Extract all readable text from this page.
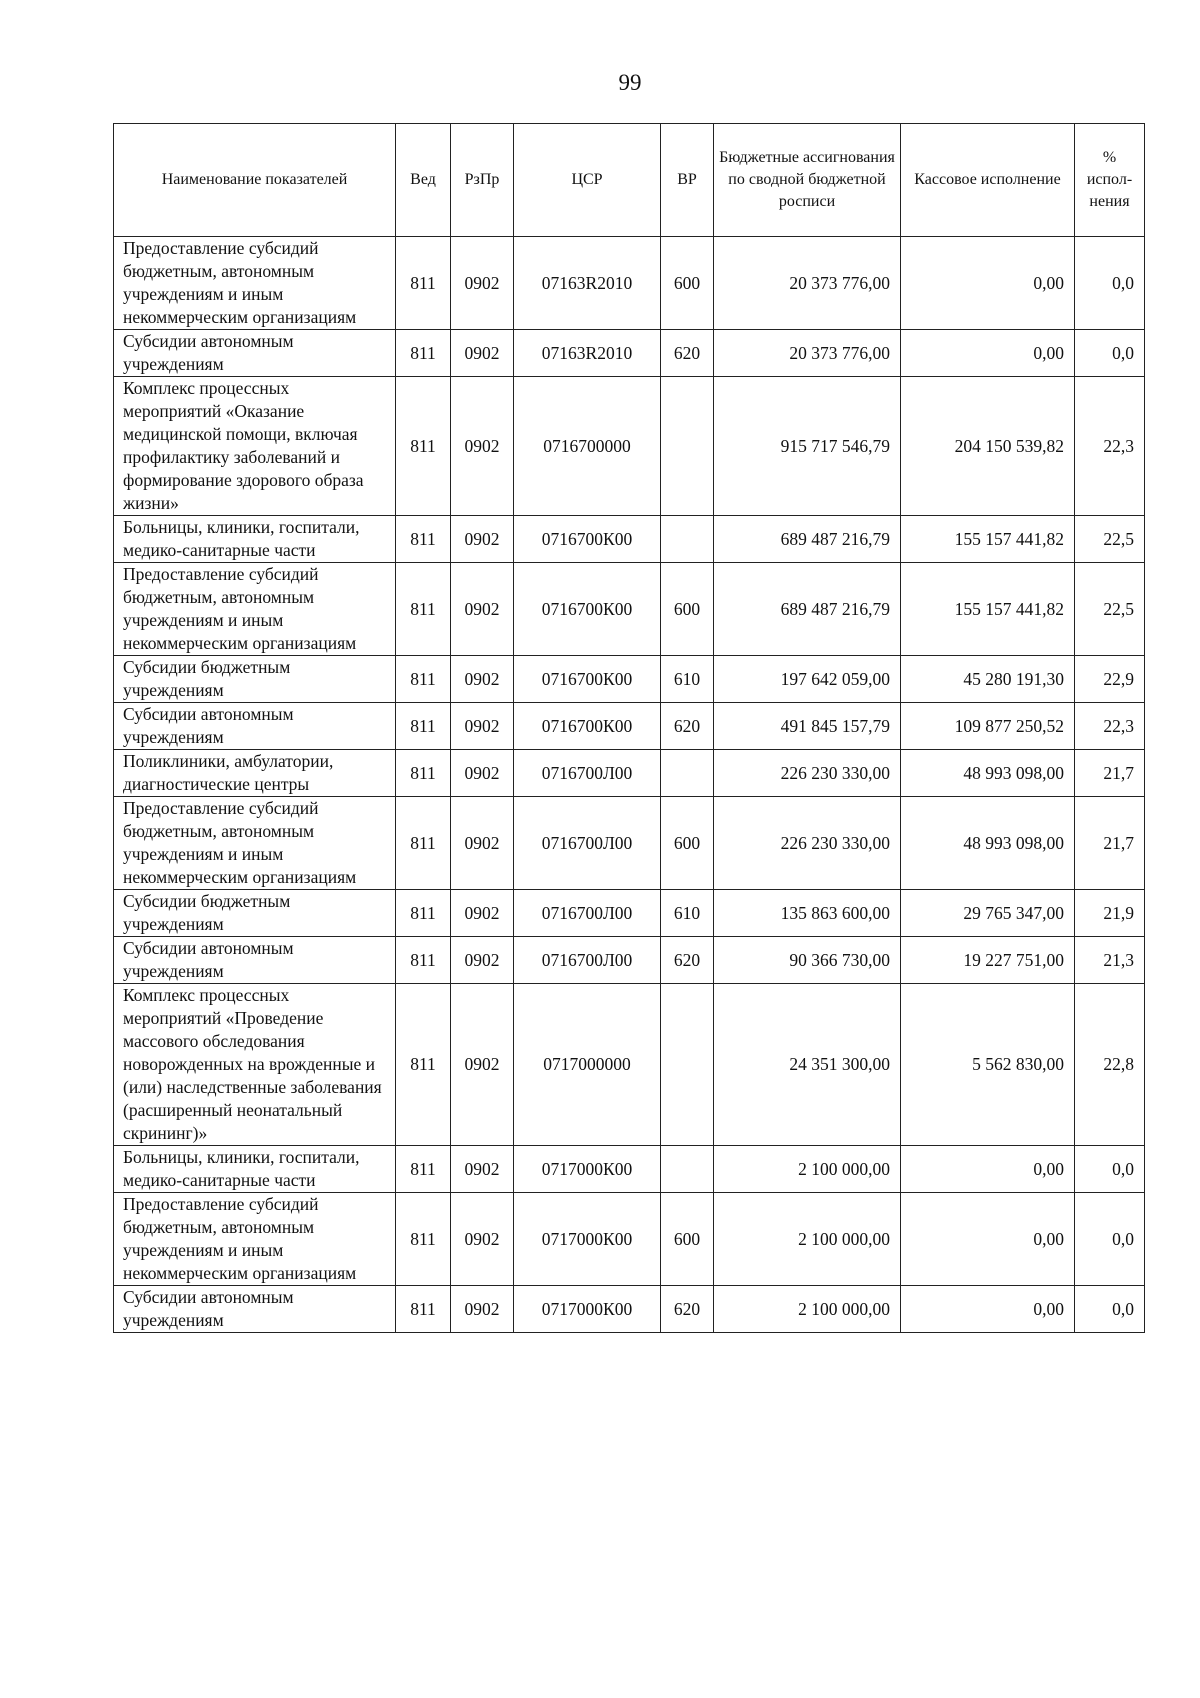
99
Наименование показателей	Вед	РзПр	ЦСР	ВР	Бюджетные ассигнования по сводной бюджетной росписи	Кассовое исполнение	% испол-нения
Предоставление субсидий бюджетным, автономным учреждениям и иным некоммерческим организациям	811	0902	07163R2010	600	20 373 776,00	0,00	0,0
Субсидии автономным учреждениям	811	0902	07163R2010	620	20 373 776,00	0,00	0,0
Комплекс процессных мероприятий «Оказание медицинской помощи, включая профилактику заболеваний и формирование здорового образа жизни»	811	0902	0716700000		915 717 546,79	204 150 539,82	22,3
Больницы, клиники, госпитали, медико-санитарные части	811	0902	0716700К00		689 487 216,79	155 157 441,82	22,5
Предоставление субсидий бюджетным, автономным учреждениям и иным некоммерческим организациям	811	0902	0716700К00	600	689 487 216,79	155 157 441,82	22,5
Субсидии бюджетным учреждениям	811	0902	0716700К00	610	197 642 059,00	45 280 191,30	22,9
Субсидии автономным учреждениям	811	0902	0716700К00	620	491 845 157,79	109 877 250,52	22,3
Поликлиники, амбулатории, диагностические центры	811	0902	0716700Л00		226 230 330,00	48 993 098,00	21,7
Предоставление субсидий бюджетным, автономным учреждениям и иным некоммерческим организациям	811	0902	0716700Л00	600	226 230 330,00	48 993 098,00	21,7
Субсидии бюджетным учреждениям	811	0902	0716700Л00	610	135 863 600,00	29 765 347,00	21,9
Субсидии автономным учреждениям	811	0902	0716700Л00	620	90 366 730,00	19 227 751,00	21,3
Комплекс процессных мероприятий «Проведение массового обследования новорожденных на врожденные и (или) наследственные заболевания (расширенный неонатальный скрининг)»	811	0902	0717000000		24 351 300,00	5 562 830,00	22,8
Больницы, клиники, госпитали, медико-санитарные части	811	0902	0717000К00		2 100 000,00	0,00	0,0
Предоставление субсидий бюджетным, автономным учреждениям и иным некоммерческим организациям	811	0902	0717000К00	600	2 100 000,00	0,00	0,0
Субсидии автономным учреждениям	811	0902	0717000К00	620	2 100 000,00	0,00	0,0
